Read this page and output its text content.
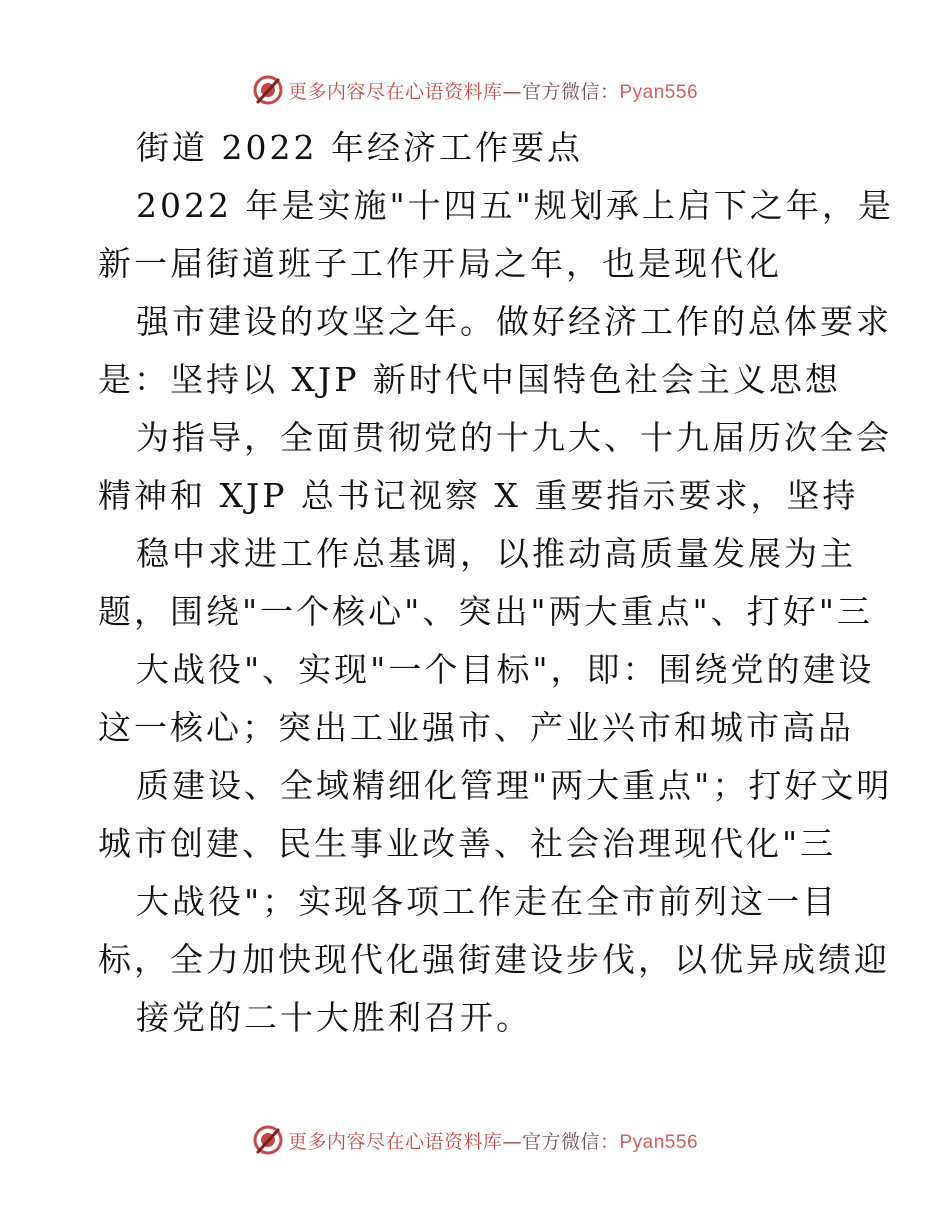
更多内容尽在心语资料库—官方微信：Pyan556
街道 2022 年经济工作要点
2022 年是实施"十四五"规划承上启下之年，是
新一届街道班子工作开局之年，也是现代化
强市建设的攻坚之年。做好经济工作的总体要求
是：坚持以 XJP 新时代中国特色社会主义思想
为指导，全面贯彻党的十九大、十九届历次全会
精神和 XJP 总书记视察 X 重要指示要求，坚持
稳中求进工作总基调，以推动高质量发展为主
题，围绕"一个核心"、突出"两大重点"、打好"三
大战役"、实现"一个目标"，即：围绕党的建设
这一核心；突出工业强市、产业兴市和城市高品
质建设、全域精细化管理"两大重点"；打好文明
城市创建、民生事业改善、社会治理现代化"三
大战役"；实现各项工作走在全市前列这一目
标，全力加快现代化强街建设步伐，以优异成绩迎
接党的二十大胜利召开。
更多内容尽在心语资料库—官方微信：Pyan556
